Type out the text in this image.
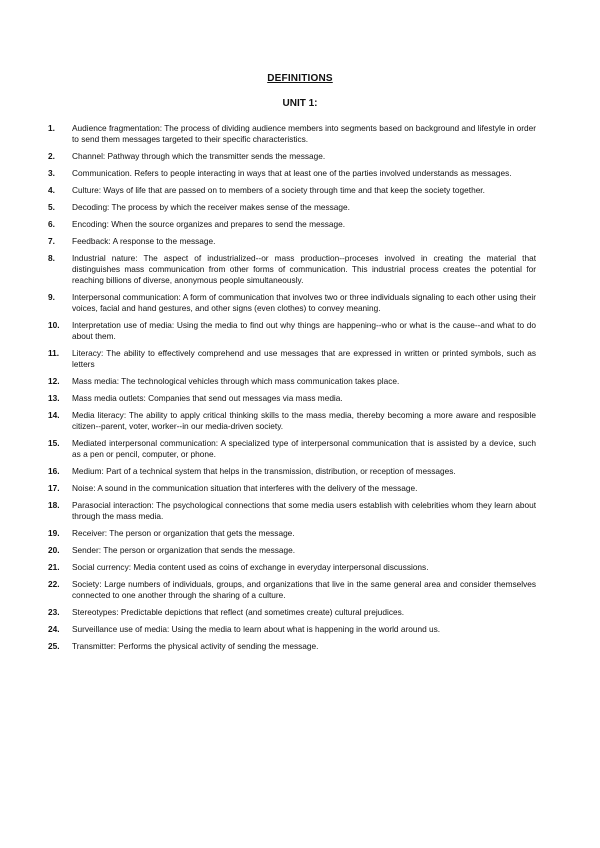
DEFINITIONS
UNIT 1:
1.	Audience fragmentation: The process of dividing audience members into segments based on background and lifestyle in order to send them messages targeted to their specific characteristics.
2.	Channel: Pathway through which the transmitter sends the message.
3.	Communication. Refers to people interacting in ways that at least one of the parties involved understands as messages.
4.	Culture: Ways of life that are passed on to members of a society through time and that keep the society together.
5.	Decoding: The process by which the receiver makes sense of the message.
6.	Encoding: When the source organizes and prepares to send the message.
7.	Feedback: A response to the message.
8.	Industrial nature: The aspect of industrialized--or mass production--proceses involved in creating the material that distinguishes mass communication from other forms of communication. This industrial process creates the potential for reaching billions of diverse, anonymous people simultaneously.
9.	Interpersonal communication: A form of communication that involves two or three individuals signaling to each other using their voices, facial and hand gestures, and other signs (even clothes) to convey meaning.
10.	Interpretation use of media: Using the media to find out why things are happening--who or what is the cause--and what to do about them.
11.	Literacy: The ability to effectively comprehend and use messages that are expressed in written or printed symbols, such as letters
12.	Mass media: The technological vehicles through which mass communication takes place.
13.	Mass media outlets: Companies that send out messages via mass media.
14.	Media literacy: The ability to apply critical thinking skills to the mass media, thereby becoming a more aware and resposible citizen--parent, voter, worker--in our media-driven society.
15.	Mediated interpersonal communication: A specialized type of interpersonal communication that is assisted by a device, such as a pen or pencil, computer, or phone.
16.	Medium: Part of a technical system that helps in the transmission, distribution, or reception of messages.
17.	Noise: A sound in the communication situation that interferes with the delivery of the message.
18.	Parasocial interaction: The psychological connections that some media users establish with celebrities whom they learn about through the mass media.
19.	Receiver: The person or organization that gets the message.
20.	Sender: The person or organization that sends the message.
21.	Social currency: Media content used as coins of exchange in everyday interpersonal discussions.
22.	Society: Large numbers of individuals, groups, and organizations that live in the same general area and consider themselves connected to one another through the sharing of a culture.
23.	Stereotypes: Predictable depictions that reflect (and sometimes create) cultural prejudices.
24.	Surveillance use of media: Using the media to learn about what is happening in the world around us.
25.	Transmitter: Performs the physical activity of sending the message.
